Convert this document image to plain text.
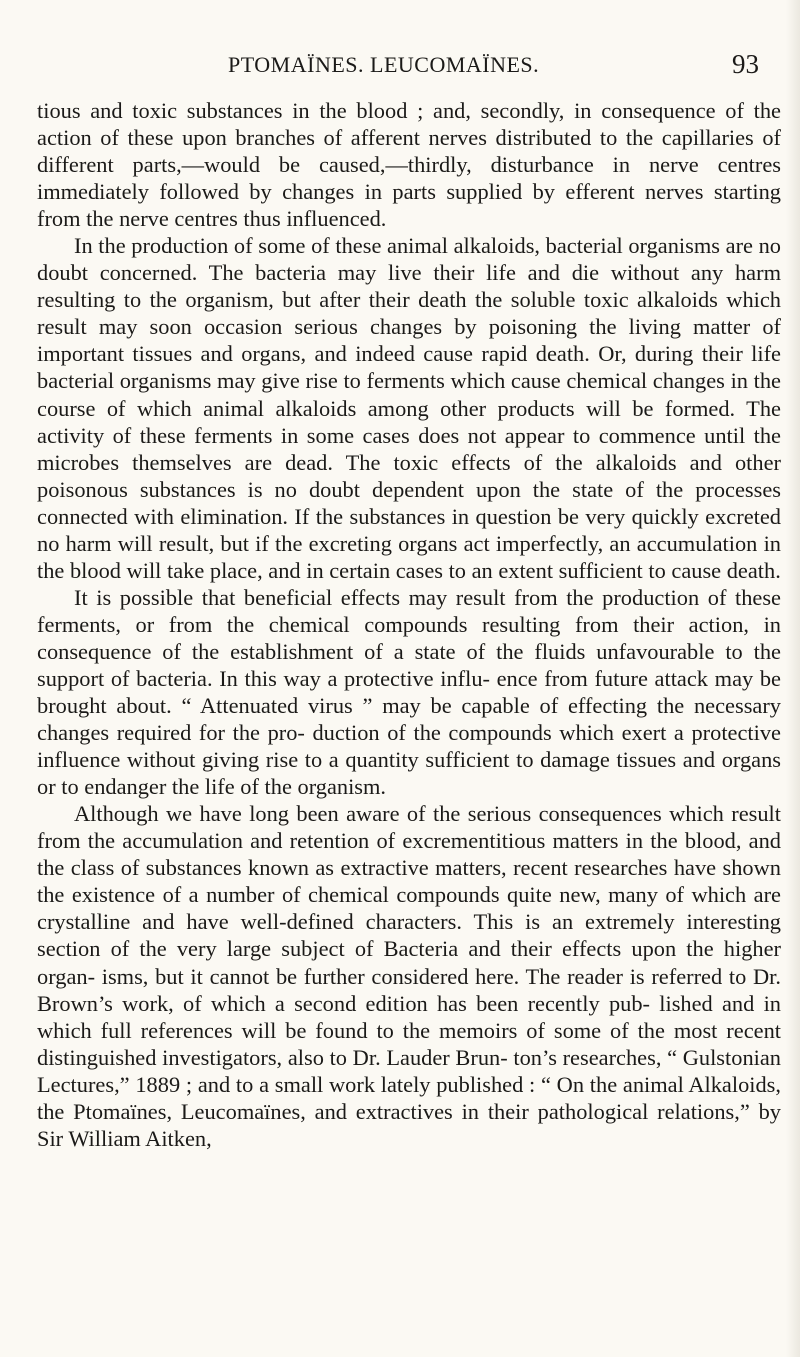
PTOMAÏNES. LEUCOMAÏNES.	93

tious and toxic substances in the blood ; and, secondly, in consequence of the action of these upon branches of afferent nerves distributed to the capillaries of different parts,—would be caused,—thirdly, disturbance in nerve centres immediately followed by changes in parts supplied by efferent nerves starting from the nerve centres thus influenced.

In the production of some of these animal alkaloids, bacterial organisms are no doubt concerned. The bacteria may live their life and die without any harm resulting to the organism, but after their death the soluble toxic alkaloids which result may soon occasion serious changes by poisoning the living matter of important tissues and organs, and indeed cause rapid death. Or, during their life bacterial organisms may give rise to ferments which cause chemical changes in the course of which animal alkaloids among other products will be formed. The activity of these ferments in some cases does not appear to commence until the microbes themselves are dead. The toxic effects of the alkaloids and other poisonous substances is no doubt dependent upon the state of the processes connected with elimination. If the substances in question be very quickly excreted no harm will result, but if the excreting organs act imperfectly, an accumulation in the blood will take place, and in certain cases to an extent sufficient to cause death.

It is possible that beneficial effects may result from the production of these ferments, or from the chemical compounds resulting from their action, in consequence of the establishment of a state of the fluids unfavourable to the support of bacteria. In this way a protective influ- ence from future attack may be brought about. “ Attenuated virus ” may be capable of effecting the necessary changes required for the pro- duction of the compounds which exert a protective influence without giving rise to a quantity sufficient to damage tissues and organs or to endanger the life of the organism.

Although we have long been aware of the serious consequences which result from the accumulation and retention of excrementitious matters in the blood, and the class of substances known as extractive matters, recent researches have shown the existence of a number of chemical compounds quite new, many of which are crystalline and have well-defined characters. This is an extremely interesting section of the very large subject of Bacteria and their effects upon the higher organ- isms, but it cannot be further considered here. The reader is referred to Dr. Brown’s work, of which a second edition has been recently pub- lished and in which full references will be found to the memoirs of some of the most recent distinguished investigators, also to Dr. Lauder Brun- ton’s researches, “ Gulstonian Lectures,” 1889 ; and to a small work lately published : “ On the animal Alkaloids, the Ptomaïnes, Leucomaïnes, and extractives in their pathological relations,” by Sir William Aitken,
